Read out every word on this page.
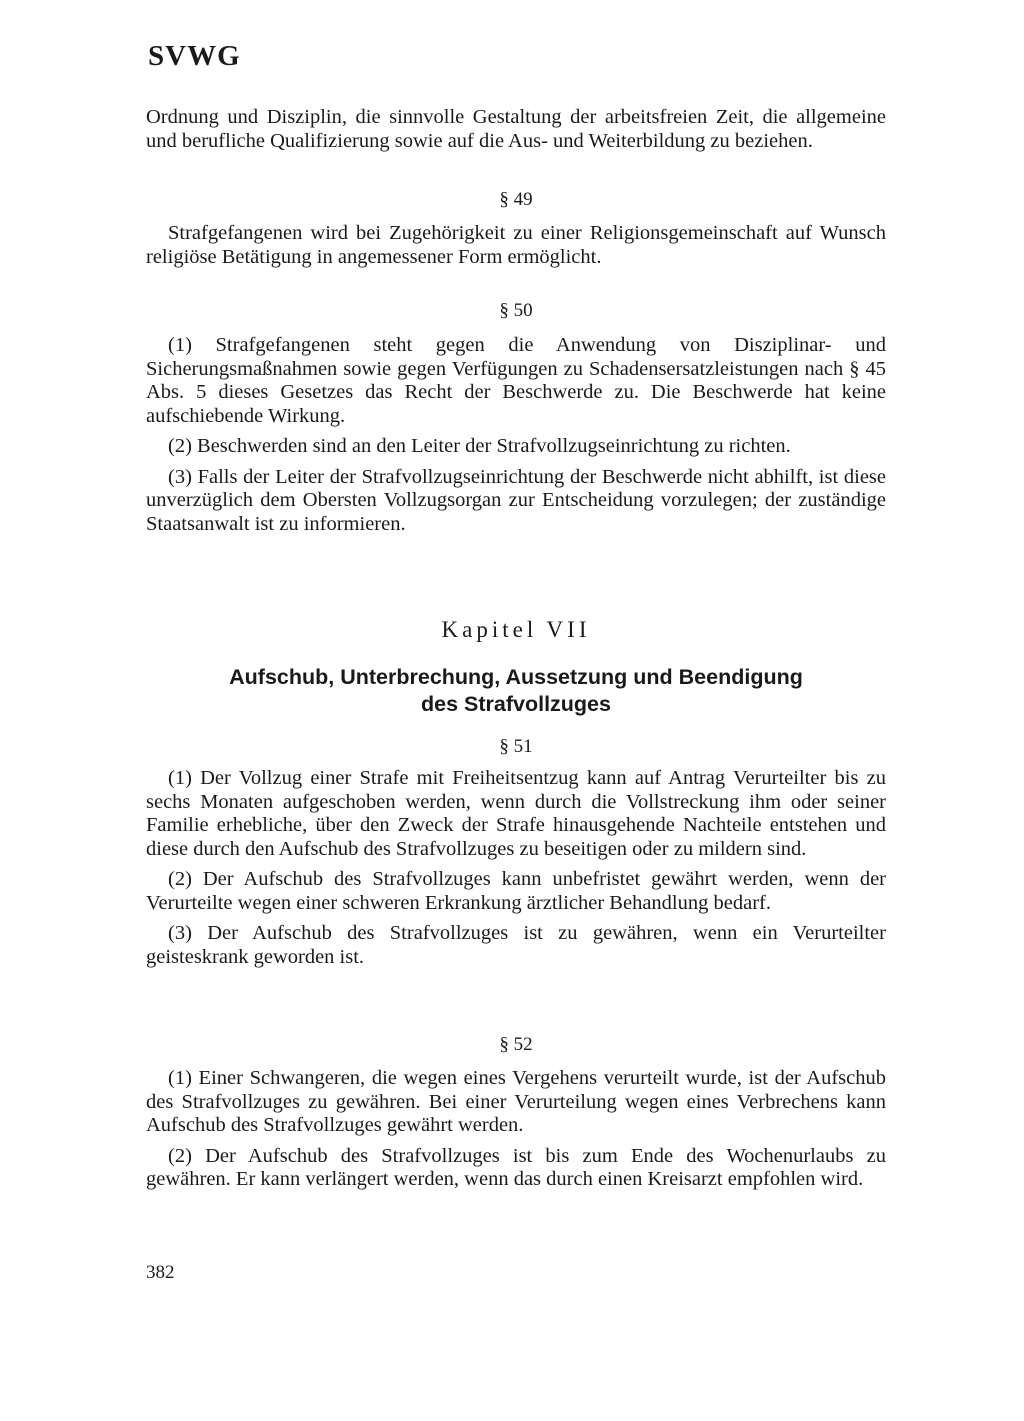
SVWG

Ordnung und Disziplin, die sinnvolle Gestaltung der arbeitsfreien Zeit, die allgemeine und berufliche Qualifizierung sowie auf die Aus- und Weiterbildung zu beziehen.

§ 49

Strafgefangenen wird bei Zugehörigkeit zu einer Religionsgemeinschaft auf Wunsch religiöse Betätigung in angemessener Form ermöglicht.

§ 50

(1) Strafgefangenen steht gegen die Anwendung von Disziplinar- und Sicherungsmaßnahmen sowie gegen Verfügungen zu Schadensersatzleistungen nach § 45 Abs. 5 dieses Gesetzes das Recht der Beschwerde zu. Die Beschwerde hat keine aufschiebende Wirkung.

(2) Beschwerden sind an den Leiter der Strafvollzugseinrichtung zu richten.

(3) Falls der Leiter der Strafvollzugseinrichtung der Beschwerde nicht abhilft, ist diese unverzüglich dem Obersten Vollzugsorgan zur Entscheidung vorzulegen; der zuständige Staatsanwalt ist zu informieren.

Kapitel VII
Aufschub, Unterbrechung, Aussetzung und Beendigung
des Strafvollzuges
§ 51

(1) Der Vollzug einer Strafe mit Freiheitsentzug kann auf Antrag Verurteilter bis zu sechs Monaten aufgeschoben werden, wenn durch die Vollstreckung ihm oder seiner Familie erhebliche, über den Zweck der Strafe hinausgehende Nachteile entstehen und diese durch den Aufschub des Strafvollzuges zu beseitigen oder zu mildern sind.

(2) Der Aufschub des Strafvollzuges kann unbefristet gewährt werden, wenn der Verurteilte wegen einer schweren Erkrankung ärztlicher Behandlung bedarf.

(3) Der Aufschub des Strafvollzuges ist zu gewähren, wenn ein Verurteilter geisteskrank geworden ist.

§ 52

(1) Einer Schwangeren, die wegen eines Vergehens verurteilt wurde, ist der Aufschub des Strafvollzuges zu gewähren. Bei einer Verurteilung wegen eines Verbrechens kann Aufschub des Strafvollzuges gewährt werden.

(2) Der Aufschub des Strafvollzuges ist bis zum Ende des Wochenurlaubs zu gewähren. Er kann verlängert werden, wenn das durch einen Kreisarzt empfohlen wird.

382
